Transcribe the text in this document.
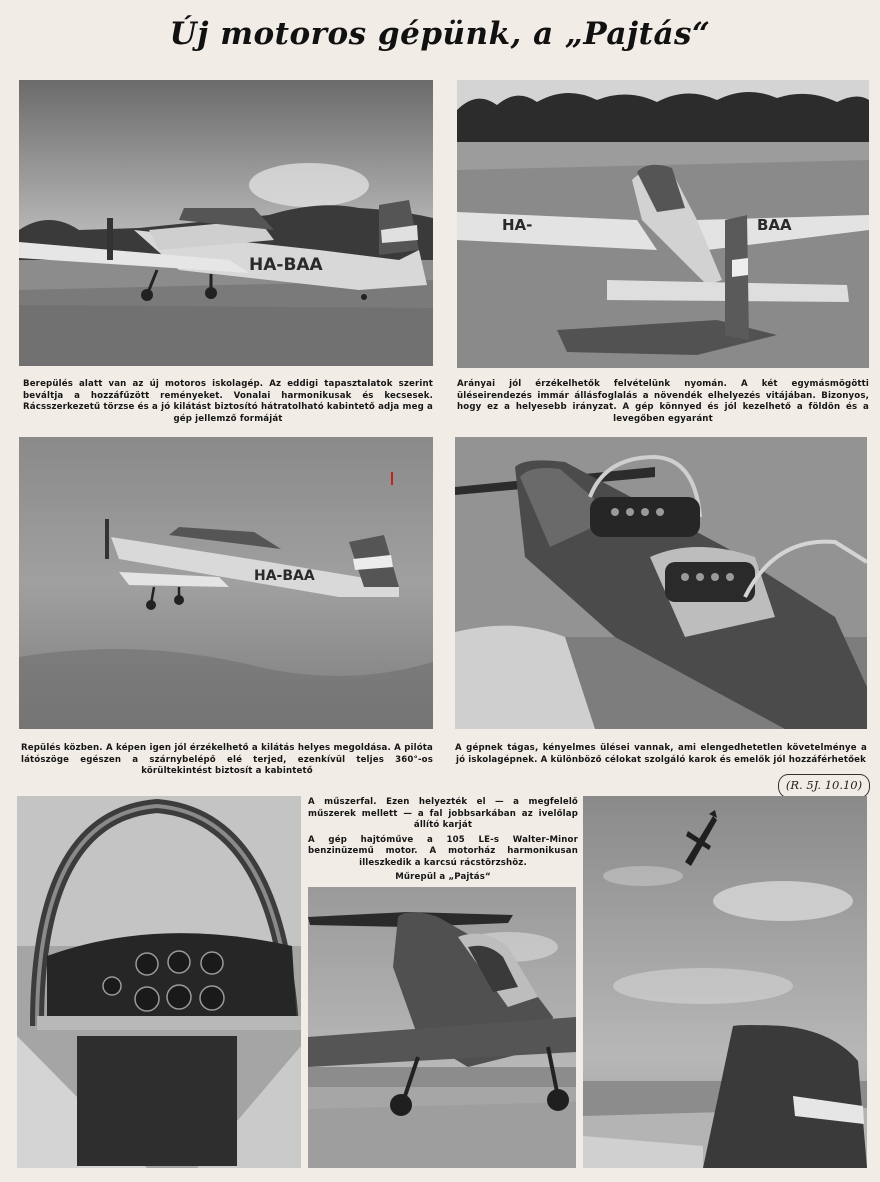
Új motoros gépünk, a „Pajtás“
HA-BAA
HA-	BAA
Berepülés alatt van az új motoros iskolagép. Az eddigi tapasztalatok szerint beváltja a hozzáfűzött reményeket. Vonalai harmonikusak és kecsesek. Rácsszerkezetű törzse és a jó kilátást biztosító hátratolható kabintető adja meg a gép jellemző formáját
Arányai jól érzékelhetők felvételünk nyomán. A két egymásmögötti üléseirendezés immár állásfoglalás a növendék elhelyezés vitájában. Bizonyos, hogy ez a helyesebb irányzat. A gép könnyed és jól kezelhető a földön és a levegőben egyaránt
HA-BAA
Repülés közben. A képen igen jól érzékelhető a kilátás helyes megoldása. A pilóta látószöge egészen a szárnybelépő elé terjed, ezenkívül teljes 360°-os körültekintést biztosít a kabintető
A gépnek tágas, kényelmes ülései vannak, ami elengedhetetlen követelménye a jó iskolagépnek. A különböző célokat szolgáló karok és emelők jól hozzáférhetőek
(R. 5J. 10.10)

A műszerfal. Ezen helyezték el — a megfelelő műszerek mellett — a fal jobbsarkában az ivelőlap állító karját

A gép hajtóműve a 105 LE-s Walter-Minor benzinüzemű motor. A motorház harmonikusan illeszkedik a karcsú rácstörzshöz.

Műrepül a „Pajtás“
